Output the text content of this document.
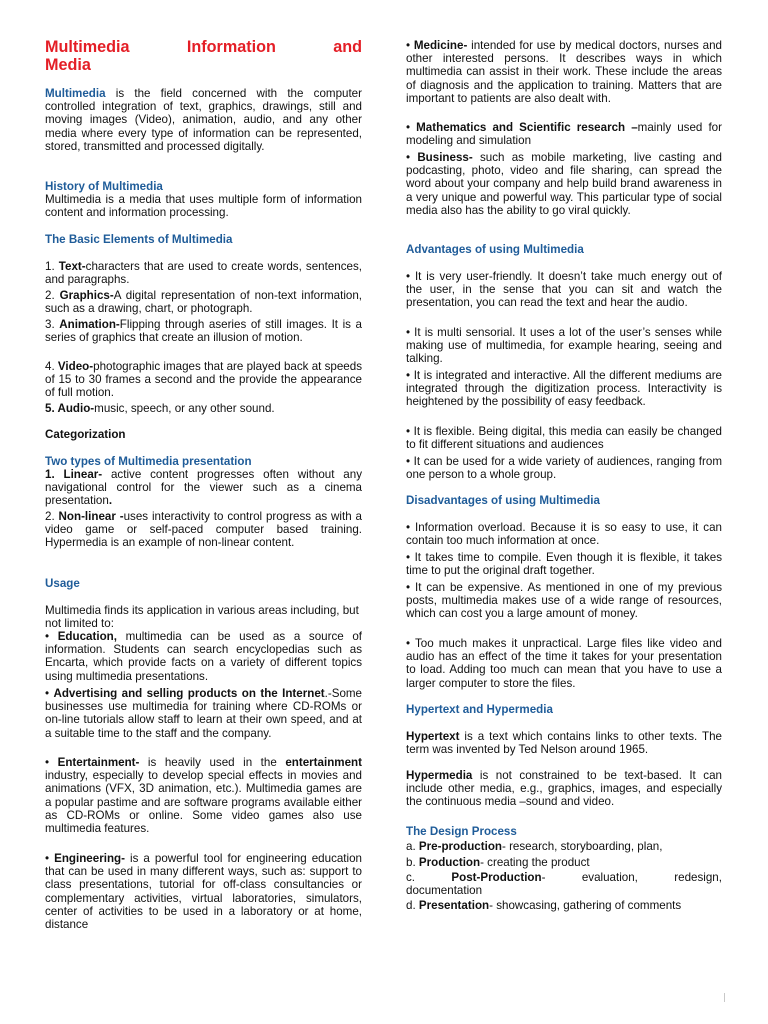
Multimedia Information and
Media

Multimedia is the field concerned with the computer controlled integration of text, graphics, drawings, still and moving images (Video), animation, audio, and any other media where every type of information can be represented, stored, transmitted and processed digitally.

History of Multimedia

Multimedia is a media that uses multiple form of information content and information processing.

The Basic Elements of Multimedia

1. Text-characters that are used to create words, sentences, and paragraphs.

2. Graphics-A digital representation of non-text information, such as a drawing, chart, or photograph.

3. Animation-Flipping through aseries of still images. It is a series of graphics that create an illusion of motion.

4. Video-photographic images that are played back at speeds of 15 to 30 frames a second and the provide the appearance of full motion.

5. Audio-music, speech, or any other sound.

Categorization
Two types of Multimedia presentation

1. Linear- active content progresses often without any navigational control for the viewer such as a cinema presentation.

2. Non-linear -uses interactivity to control progress as with a video game or self-paced computer based training. Hypermedia is an example of non-linear content.

Usage

Multimedia finds its application in various areas including, but not limited to:

• Education, multimedia can be used as a source of information. Students can search encyclopedias such as Encarta, which provide facts on a variety of different topics using multimedia presentations.

• Advertising and selling products on the Internet.-Some businesses use multimedia for training where CD-ROMs or on-line tutorials allow staff to learn at their own speed, and at a suitable time to the staff and the company.

• Entertainment- is heavily used in the entertainment industry, especially to develop special effects in movies and animations (VFX, 3D animation, etc.). Multimedia games are a popular pastime and are software programs available either as CD-ROMs or online. Some video games also use multimedia features.

• Engineering- is a powerful tool for engineering education that can be used in many different ways, such as: support to class presentations, tutorial for off-class consultancies or complementary activities, virtual laboratories, simulators, center of activities to be used in a laboratory or at home, distance

• Medicine- intended for use by medical doctors, nurses and other interested persons. It describes ways in which multimedia can assist in their work. These include the areas of diagnosis and the application to training. Matters that are important to patients are also dealt with.

• Mathematics and Scientific research –mainly used for modeling and simulation

• Business- such as mobile marketing, live casting and podcasting, photo, video and file sharing, can spread the word about your company and help build brand awareness in a very unique and powerful way. This particular type of social media also has the ability to go viral quickly.

Advantages of using Multimedia

• It is very user-friendly. It doesn’t take much energy out of the user, in the sense that you can sit and watch the presentation, you can read the text and hear the audio.

• It is multi sensorial. It uses a lot of the user’s senses while making use of multimedia, for example hearing, seeing and talking.

• It is integrated and interactive. All the different mediums are integrated through the digitization process. Interactivity is heightened by the possibility of easy feedback.

• It is flexible. Being digital, this media can easily be changed to fit different situations and audiences

• It can be used for a wide variety of audiences, ranging from one person to a whole group.

Disadvantages of using Multimedia

• Information overload. Because it is so easy to use, it can contain too much information at once.

• It takes time to compile. Even though it is flexible, it takes time to put the original draft together.

• It can be expensive. As mentioned in one of my previous posts, multimedia makes use of a wide range of resources, which can cost you a large amount of money.

• Too much makes it unpractical. Large files like video and audio has an effect of the time it takes for your presentation to load. Adding too much can mean that you have to use a larger computer to store the files.

Hypertext and Hypermedia

Hypertext is a text which contains links to other texts. The term was invented by Ted Nelson around 1965.

Hypermedia is not constrained to be text-based. It can include other media, e.g., graphics, images, and especially the continuous media –sound and video.

The Design Process

a. Pre-production- research, storyboarding, plan,

b. Production- creating the product

c.	Post-Production-	evaluation,	redesign,
documentation

d. Presentation- showcasing, gathering of comments
